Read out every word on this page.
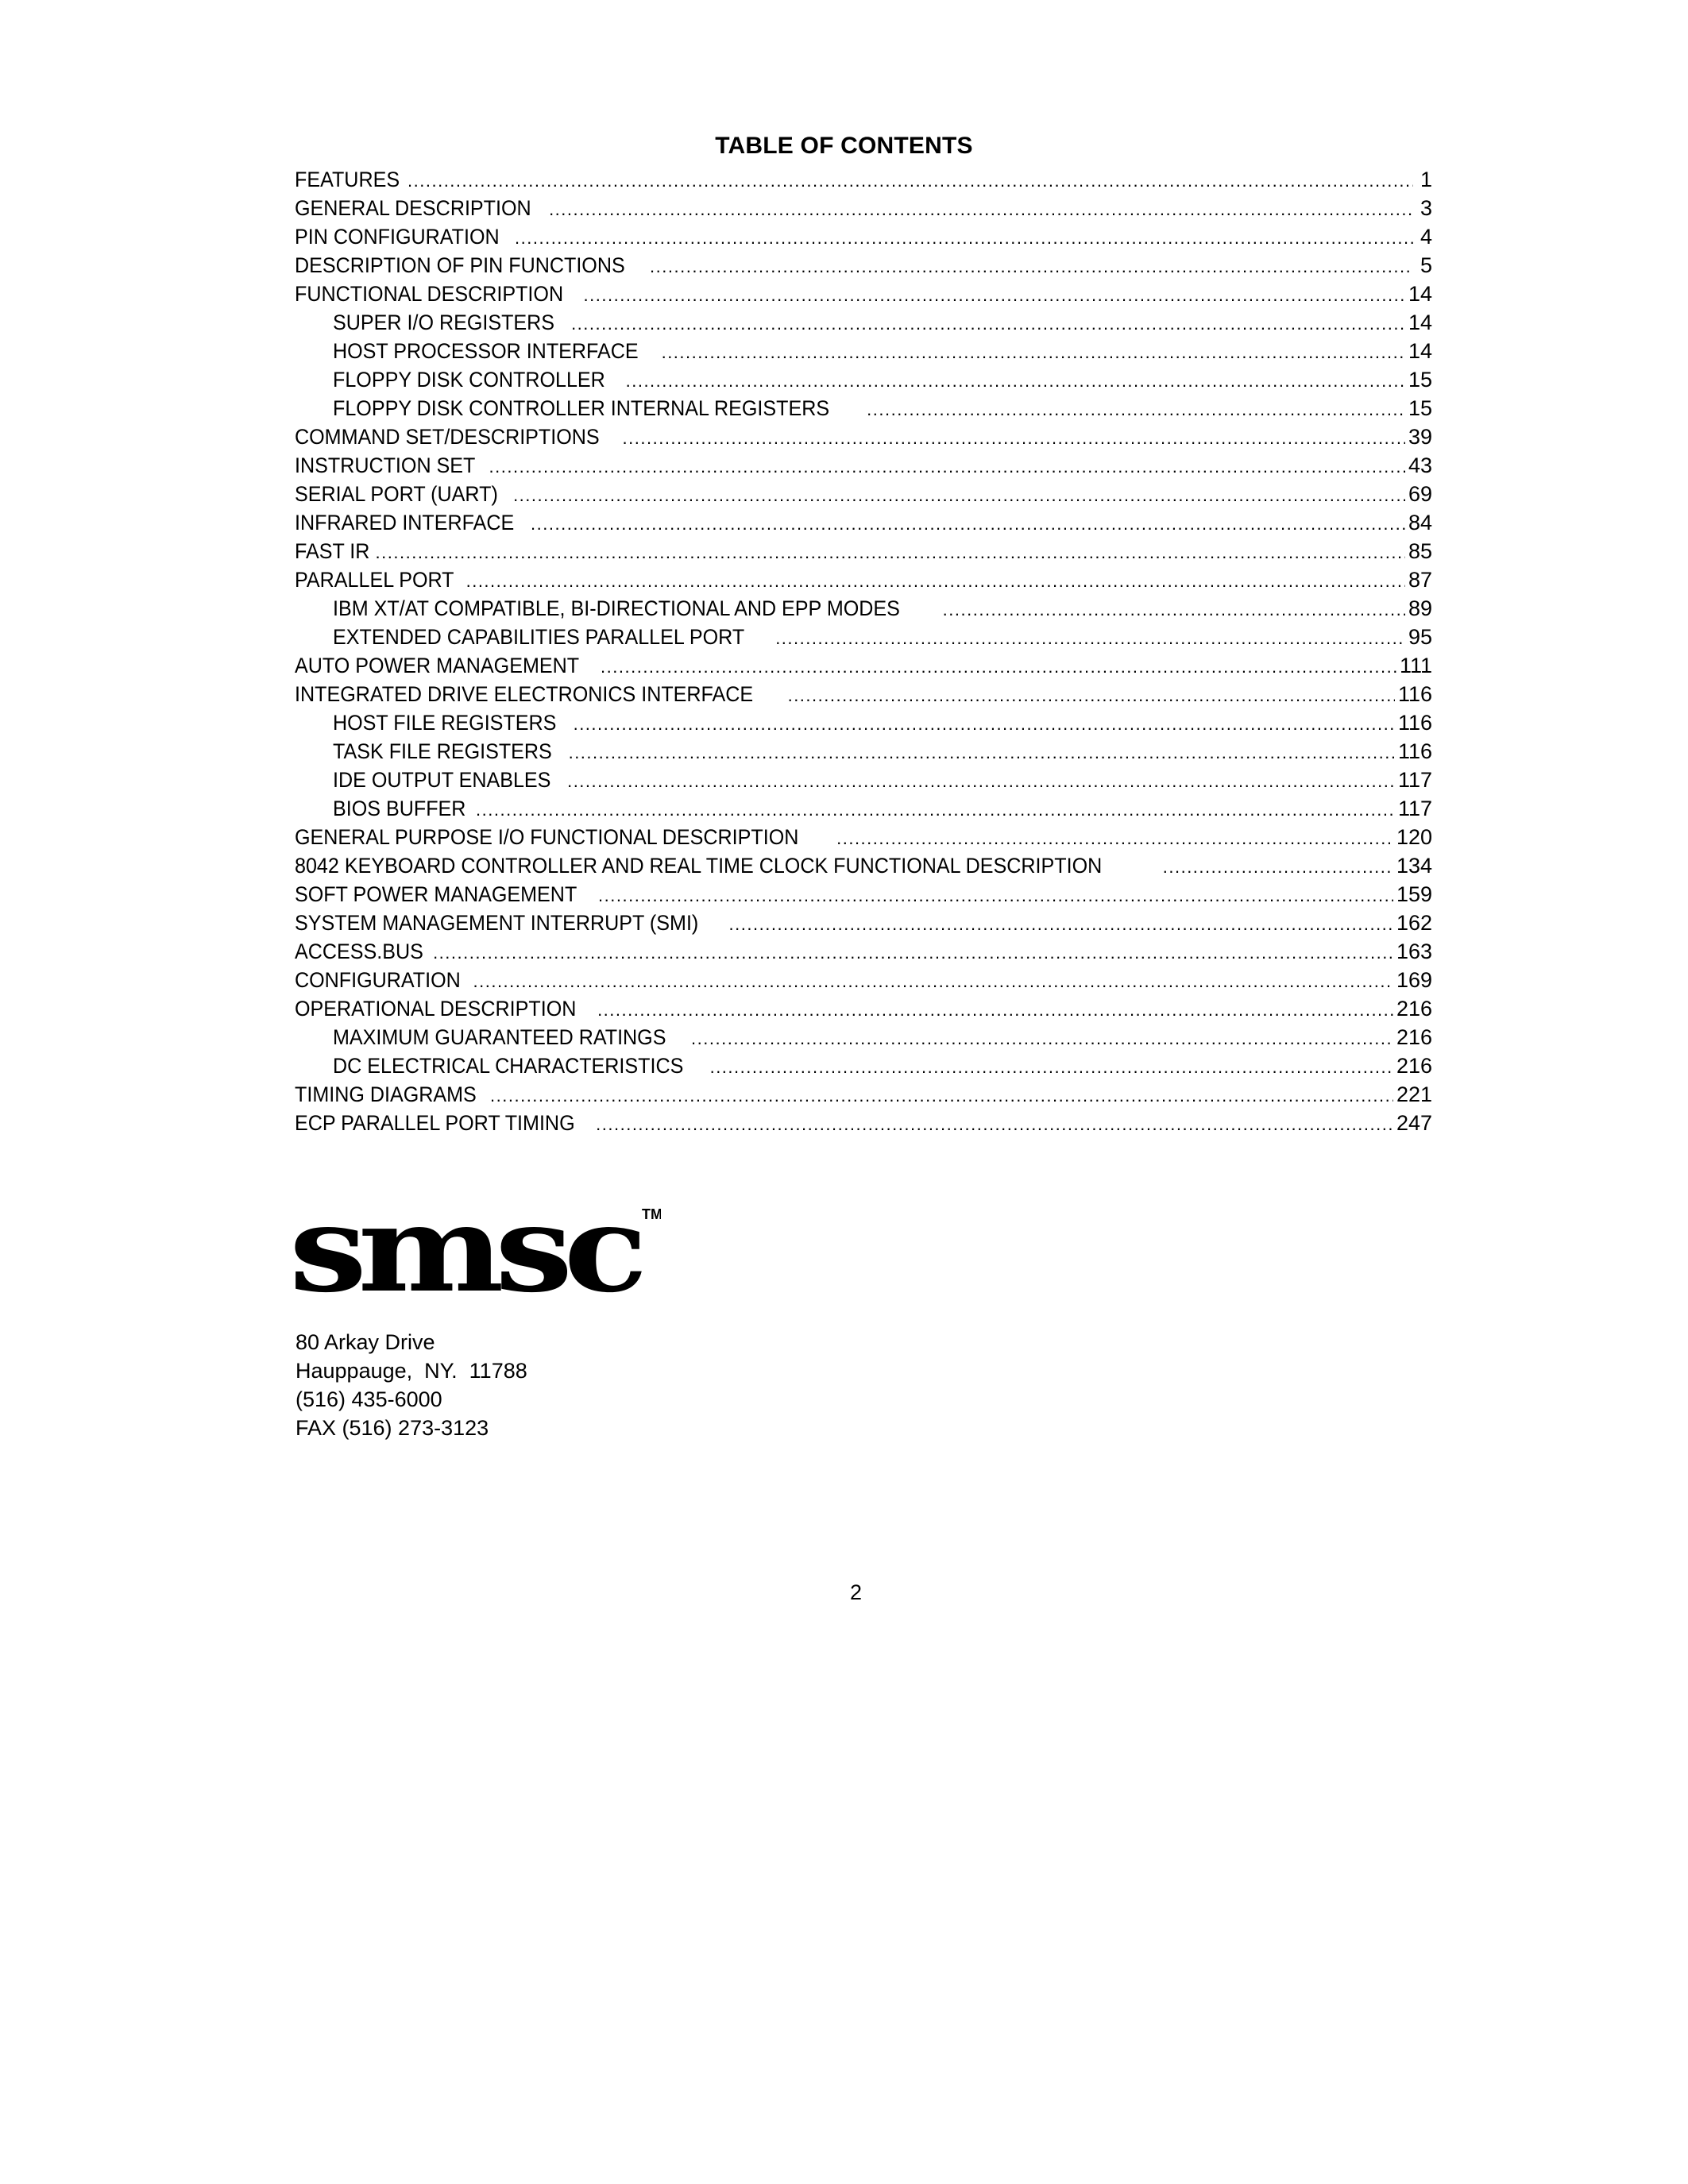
TABLE OF CONTENTS
FEATURES .....	1
GENERAL DESCRIPTION .....	3
PIN CONFIGURATION .....	4
DESCRIPTION OF PIN FUNCTIONS .....	5
FUNCTIONAL DESCRIPTION .....	14
SUPER I/O REGISTERS .....	14
HOST PROCESSOR INTERFACE .....	14
FLOPPY DISK CONTROLLER .....	15
FLOPPY DISK CONTROLLER INTERNAL REGISTERS .....	15
COMMAND SET/DESCRIPTIONS .....	39
INSTRUCTION SET .....	43
SERIAL PORT (UART) .....	69
INFRARED INTERFACE .....	84
FAST IR .....	85
PARALLEL PORT .....	87
IBM XT/AT COMPATIBLE, BI-DIRECTIONAL AND EPP MODES .....	89
EXTENDED CAPABILITIES PARALLEL PORT .....	95
AUTO POWER MANAGEMENT .....	111
INTEGRATED DRIVE ELECTRONICS INTERFACE .....	116
HOST FILE REGISTERS .....	116
TASK FILE REGISTERS .....	116
IDE OUTPUT ENABLES .....	117
BIOS BUFFER .....	117
GENERAL PURPOSE I/O FUNCTIONAL DESCRIPTION .....	120
8042 KEYBOARD CONTROLLER AND REAL TIME CLOCK FUNCTIONAL DESCRIPTION .....	134
SOFT POWER MANAGEMENT .....	159
SYSTEM MANAGEMENT INTERRUPT (SMI) .....	162
ACCESS.BUS .....	163
CONFIGURATION .....	169
OPERATIONAL DESCRIPTION .....	216
MAXIMUM GUARANTEED RATINGS .....	216
DC ELECTRICAL CHARACTERISTICS .....	216
TIMING DIAGRAMS .....	221
ECP PARALLEL PORT TIMING .....	247
smsc TM
80 Arkay Drive
Hauppauge,  NY.  11788
(516) 435-6000
FAX (516) 273-3123
2
